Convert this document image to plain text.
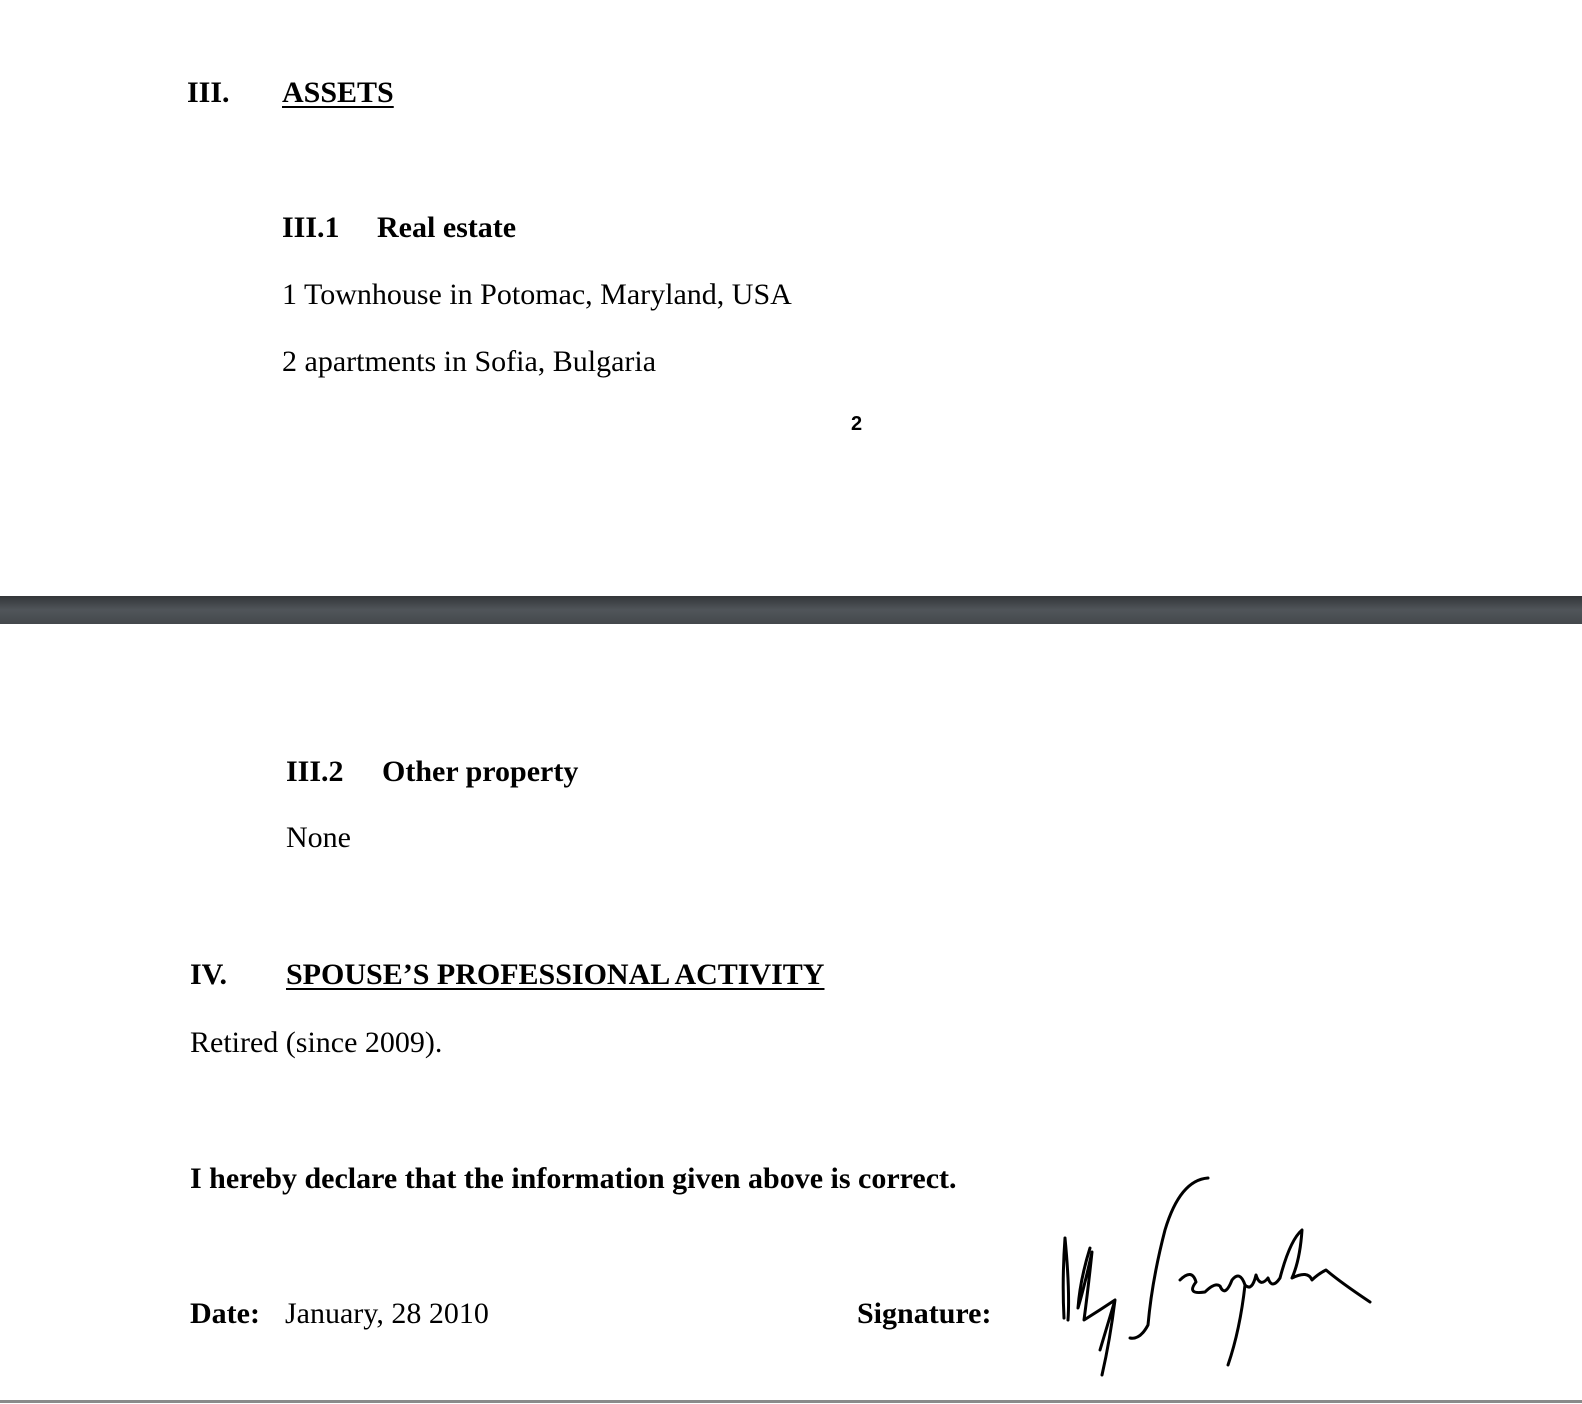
III. ASSETS
III.1 Real estate
1 Townhouse in Potomac, Maryland, USA
2 apartments in Sofia, Bulgaria
2
III.2 Other property
None
IV. SPOUSE’S PROFESSIONAL ACTIVITY
Retired (since 2009).
I hereby declare that the information given above is correct.
Date: January, 28 2010	Signature:
